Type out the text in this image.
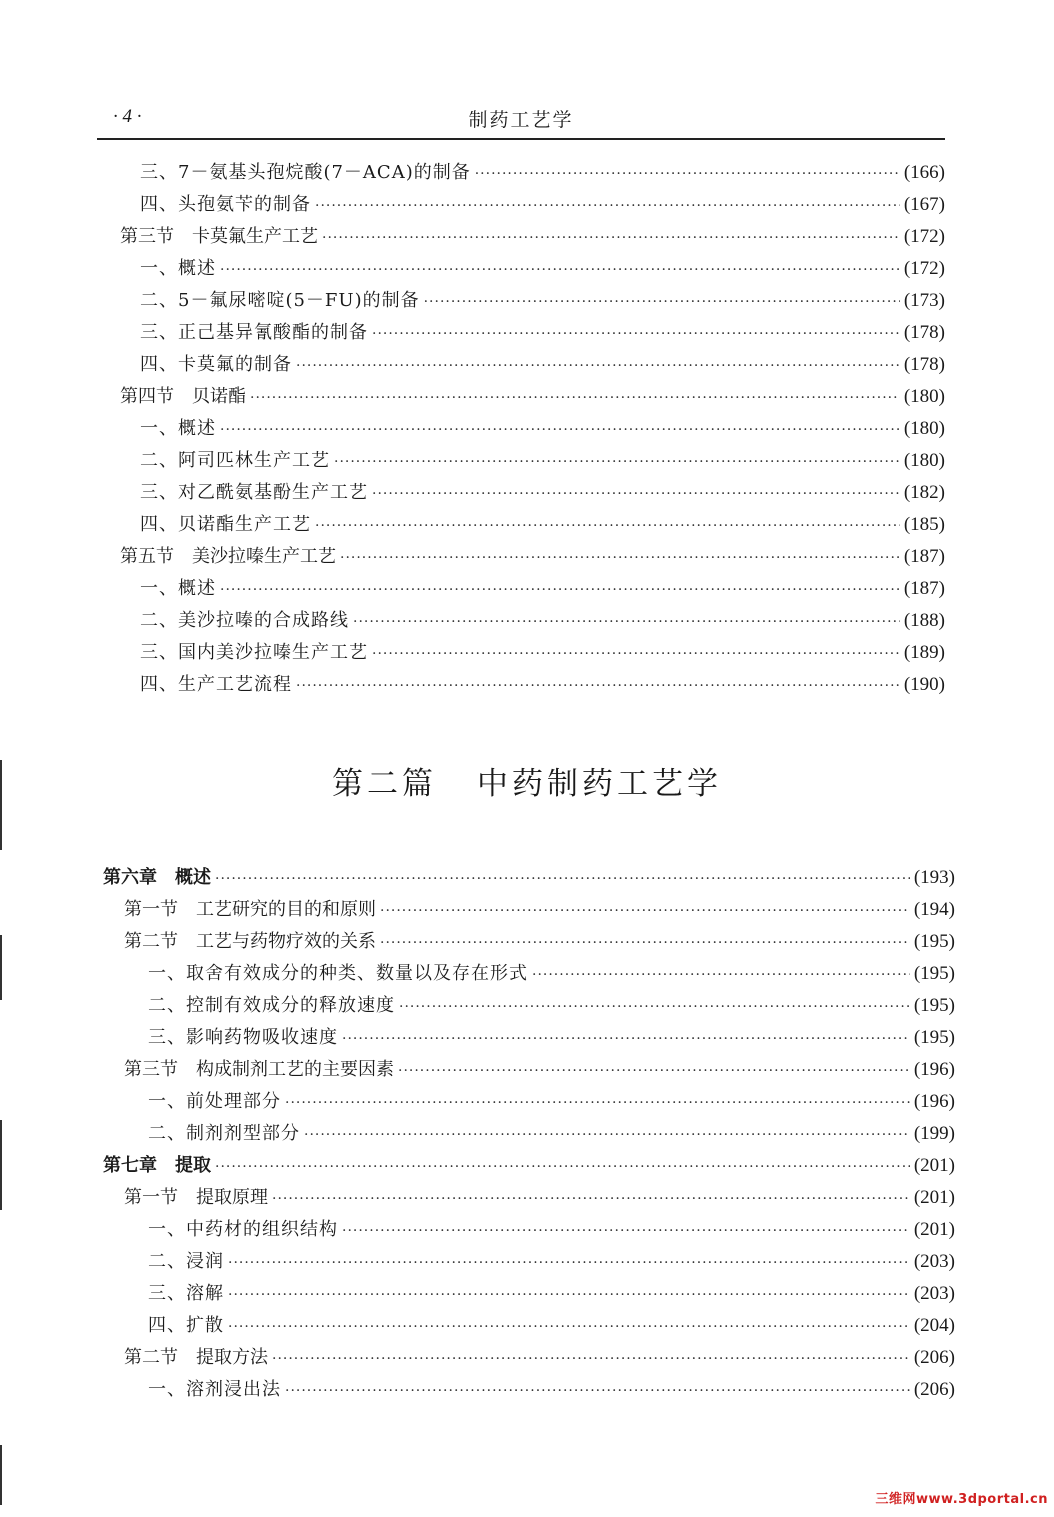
· 4 ·	制药工艺学
三、7－氨基头孢烷酸(7－ACA)的制备 ·····	(166)
四、头孢氨苄的制备 ·····	(167)
第三节　卡莫氟生产工艺 ·····	(172)
一、概述 ·····	(172)
二、5－氟尿嘧啶(5－FU)的制备 ·····	(173)
三、正己基异氰酸酯的制备 ·····	(178)
四、卡莫氟的制备 ·····	(178)
第四节　贝诺酯 ·····	(180)
一、概述 ·····	(180)
二、阿司匹林生产工艺 ·····	(180)
三、对乙酰氨基酚生产工艺 ·····	(182)
四、贝诺酯生产工艺 ·····	(185)
第五节　美沙拉嗪生产工艺 ·····	(187)
一、概述 ·····	(187)
二、美沙拉嗪的合成路线 ·····	(188)
三、国内美沙拉嗪生产工艺 ·····	(189)
四、生产工艺流程 ·····	(190)
第二篇 中药制药工艺学
第六章　概述 ·····	(193)
第一节　工艺研究的目的和原则 ·····	(194)
第二节　工艺与药物疗效的关系 ·····	(195)
一、取舍有效成分的种类、数量以及存在形式 ·····	(195)
二、控制有效成分的释放速度 ·····	(195)
三、影响药物吸收速度 ·····	(195)
第三节　构成制剂工艺的主要因素 ·····	(196)
一、前处理部分 ·····	(196)
二、制剂剂型部分 ·····	(199)
第七章　提取 ·····	(201)
第一节　提取原理 ·····	(201)
一、中药材的组织结构 ·····	(201)
二、浸润 ·····	(203)
三、溶解 ·····	(203)
四、扩散 ·····	(204)
第二节　提取方法 ·····	(206)
一、溶剂浸出法 ·····	(206)
三维网www.3dportal.cn
